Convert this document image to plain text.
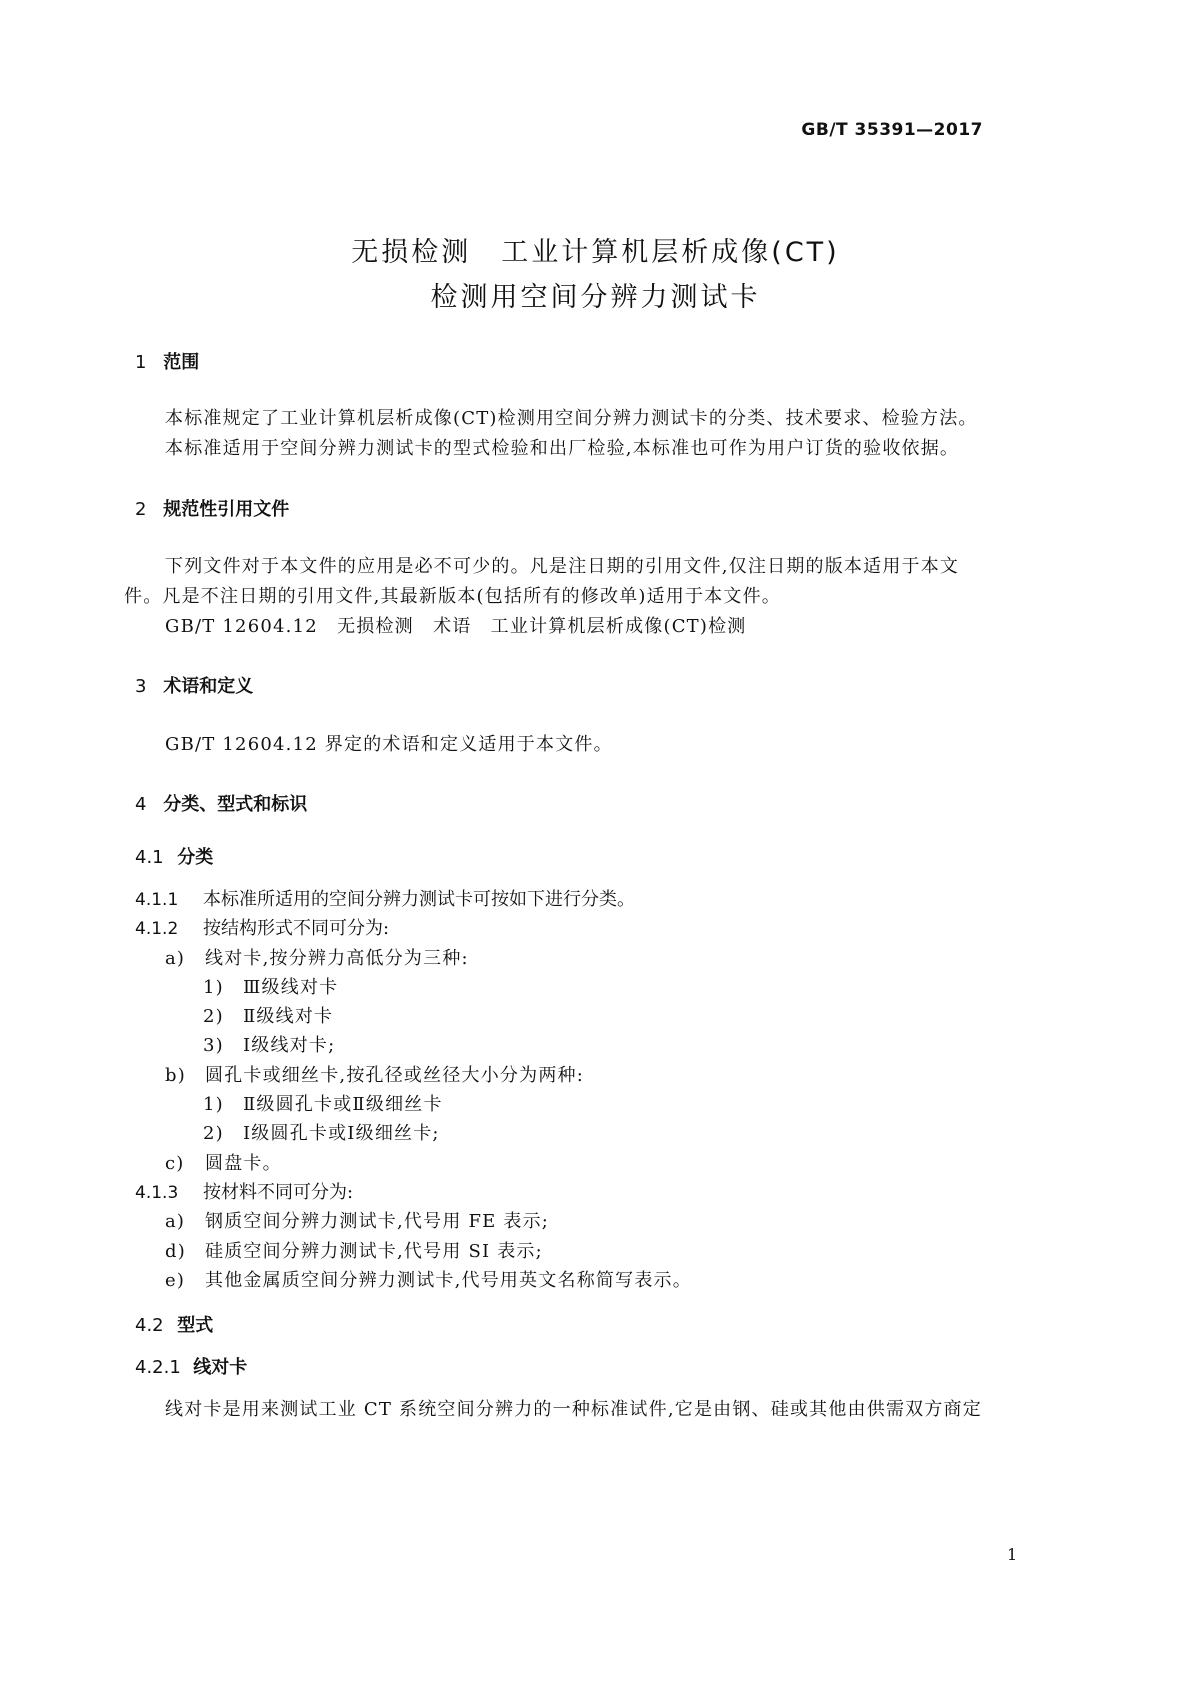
GB/T 35391—2017
无损检测　工业计算机层析成像(CT)
检测用空间分辨力测试卡
1 范围
本标准规定了工业计算机层析成像(CT)检测用空间分辨力测试卡的分类、技术要求、检验方法。
本标准适用于空间分辨力测试卡的型式检验和出厂检验,本标准也可作为用户订货的验收依据。
2 规范性引用文件
下列文件对于本文件的应用是必不可少的。凡是注日期的引用文件,仅注日期的版本适用于本文
件。凡是不注日期的引用文件,其最新版本(包括所有的修改单)适用于本文件。
GB/T 12604.12　无损检测　术语　工业计算机层析成像(CT)检测
3 术语和定义
GB/T 12604.12 界定的术语和定义适用于本文件。
4 分类、型式和标识
4.1 分类
4.1.1 本标准所适用的空间分辨力测试卡可按如下进行分类。
4.1.2 按结构形式不同可分为:
a) 线对卡,按分辨力高低分为三种:
1) Ⅲ级线对卡
2) Ⅱ级线对卡
3) Ⅰ级线对卡;
b) 圆孔卡或细丝卡,按孔径或丝径大小分为两种:
1) Ⅱ级圆孔卡或Ⅱ级细丝卡
2) Ⅰ级圆孔卡或Ⅰ级细丝卡;
c) 圆盘卡。
4.1.3 按材料不同可分为:
a) 钢质空间分辨力测试卡,代号用 FE 表示;
d) 硅质空间分辨力测试卡,代号用 SI 表示;
e) 其他金属质空间分辨力测试卡,代号用英文名称简写表示。
4.2 型式
4.2.1 线对卡
线对卡是用来测试工业 CT 系统空间分辨力的一种标准试件,它是由钢、硅或其他由供需双方商定
1
